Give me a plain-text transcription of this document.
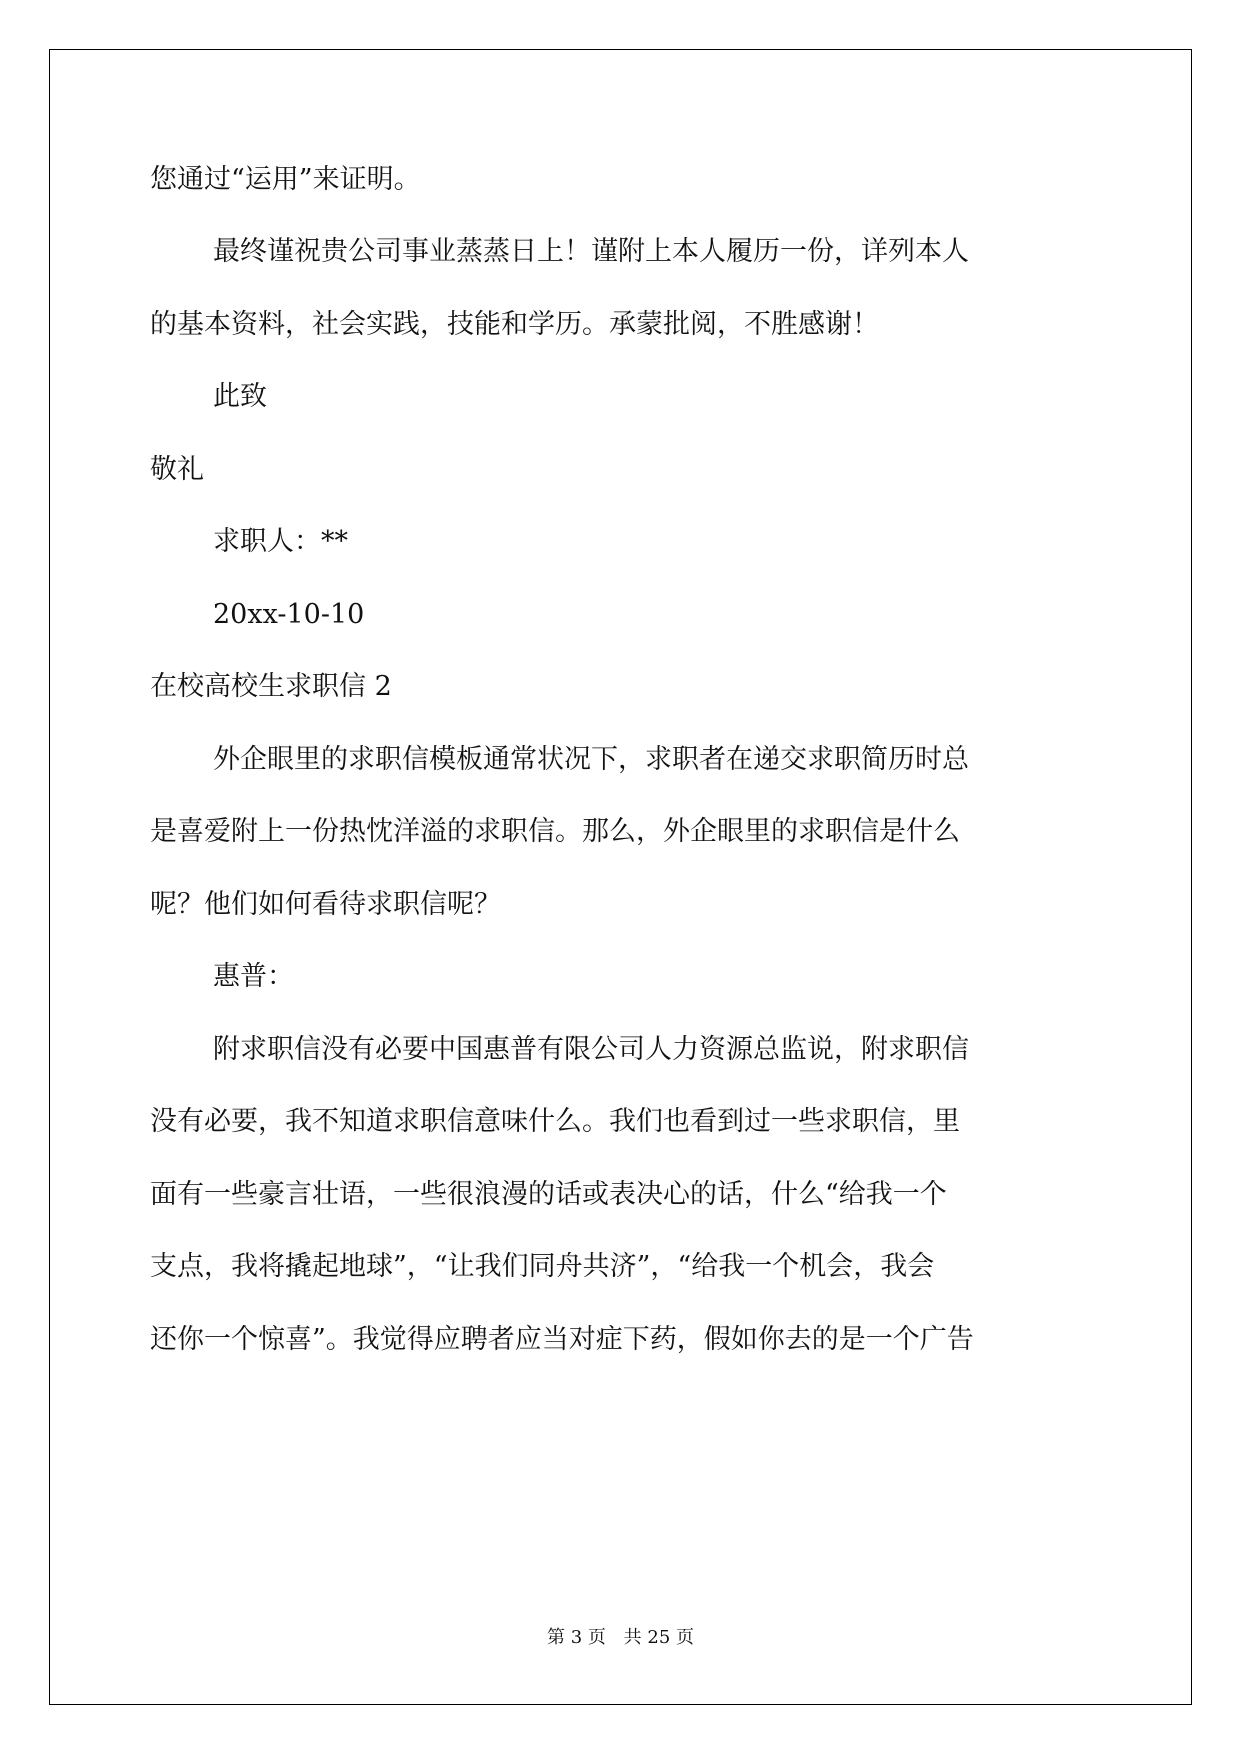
您通过“运用”来证明。
最终谨祝贵公司事业蒸蒸日上！谨附上本人履历一份，详列本人
的基本资料，社会实践，技能和学历。承蒙批阅，不胜感谢！
此致
敬礼
求职人：**
20xx-10-10
在校高校生求职信 2
外企眼里的求职信模板通常状况下，求职者在递交求职简历时总
是喜爱附上一份热忱洋溢的求职信。那么，外企眼里的求职信是什么
呢？他们如何看待求职信呢？
惠普：
附求职信没有必要中国惠普有限公司人力资源总监说，附求职信
没有必要，我不知道求职信意味什么。我们也看到过一些求职信，里
面有一些豪言壮语，一些很浪漫的话或表决心的话，什么“给我一个
支点，我将撬起地球”，“让我们同舟共济”，“给我一个机会，我会
还你一个惊喜”。我觉得应聘者应当对症下药，假如你去的是一个广告
第 3 页 共 25 页
